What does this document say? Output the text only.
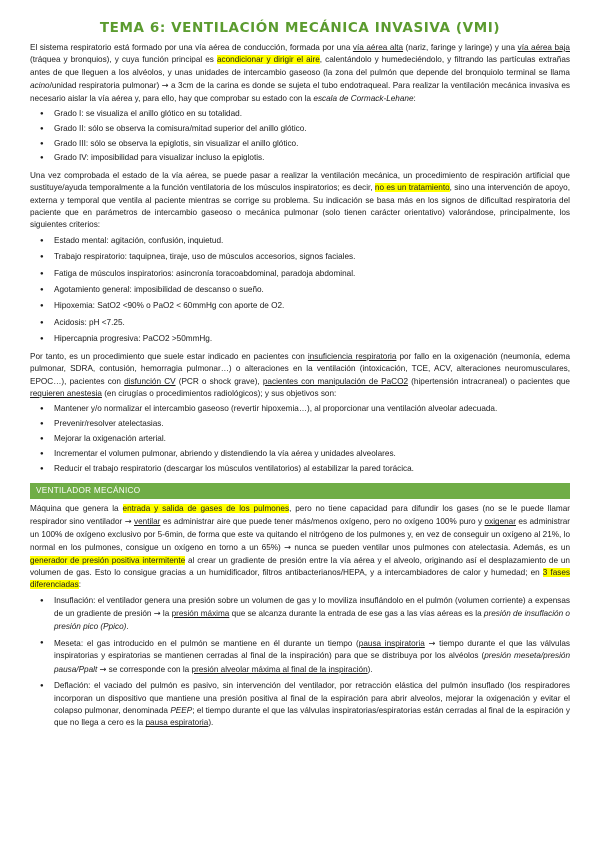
TEMA 6: VENTILACIÓN MECÁNICA INVASIVA (VMI)

El sistema respiratorio está formado por una vía aérea de conducción, formada por una vía aérea alta (nariz, faringe y laringe) y una vía aérea baja (tráquea y bronquios), y cuya función principal es acondicionar y dirigir el aire, calentándolo y humedeciéndolo, y filtrando las partículas extrañas antes de que lleguen a los alvéolos, y unas unidades de intercambio gaseoso (la zona del pulmón que depende del bronquiolo terminal se llama acino/unidad respiratoria pulmonar) → a 3cm de la carina es donde se sujeta el tubo endotraqueal. Para realizar la ventilación mecánica invasiva es necesario aislar la vía aérea y, para ello, hay que comprobar su estado con la escala de Cormack-Lehane:

● Grado I: se visualiza el anillo glótico en su totalidad.
● Grado II: sólo se observa la comisura/mitad superior del anillo glótico.
● Grado III: sólo se observa la epiglotis, sin visualizar el anillo glótico.
● Grado IV: imposibilidad para visualizar incluso la epiglotis.

Una vez comprobada el estado de la vía aérea, se puede pasar a realizar la ventilación mecánica, un procedimiento de respiración artificial que sustituye/ayuda temporalmente a la función ventilatoria de los músculos inspiratorios; es decir, no es un tratamiento, sino una intervención de apoyo, externa y temporal que ventila al paciente mientras se corrige su problema. Su indicación se basa más en los signos de dificultad respiratoria del paciente que en parámetros de intercambio gaseoso o mecánica pulmonar (solo tienen carácter orientativo) valorándose, principalmente, los siguientes criterios:

● Estado mental: agitación, confusión, inquietud.
● Trabajo respiratorio: taquipnea, tiraje, uso de músculos accesorios, signos faciales.
● Fatiga de músculos inspiratorios: asincronía toracoabdominal, paradoja abdominal.
● Agotamiento general: imposibilidad de descanso o sueño.
● Hipoxemia: SatO2 <90% o PaO2 < 60mmHg con aporte de O2.
● Acidosis: pH <7.25.
● Hipercapnia progresiva: PaCO2 >50mmHg.

Por tanto, es un procedimiento que suele estar indicado en pacientes con insuficiencia respiratoria por fallo en la oxigenación (neumonía, edema pulmonar, SDRA, contusión, hemorragia pulmonar…) o alteraciones en la ventilación (intoxicación, TCE, ACV, alteraciones neuromusculares, EPOC…), pacientes con disfunción CV (PCR o shock grave), pacientes con manipulación de PaCO2 (hipertensión intracraneal) o pacientes que requieren anestesia (en cirugías o procedimientos radiológicos); y sus objetivos son:

● Mantener y/o normalizar el intercambio gaseoso (revertir hipoxemia…), al proporcionar una ventilación alveolar adecuada.
● Prevenir/resolver atelectasias.
● Mejorar la oxigenación arterial.
● Incrementar el volumen pulmonar, abriendo y distendiendo la vía aérea y unidades alveolares.
● Reducir el trabajo respiratorio (descargar los músculos ventilatorios) al estabilizar la pared torácica.
VENTILADOR MECÁNICO

Máquina que genera la entrada y salida de gases de los pulmones, pero no tiene capacidad para difundir los gases (no se le puede llamar respirador sino ventilador → ventilar es administrar aire que puede tener más/menos oxígeno, pero no oxígeno 100% puro y oxigenar es administrar un 100% de oxígeno exclusivo por 5-6min, de forma que este va quitando el nitrógeno de los pulmones y, en vez de conseguir un oxígeno al 21%, lo normal en los pulmones, consigue un oxígeno en torno a un 65%) → nunca se pueden ventilar unos pulmones con atelectasia. Además, es un generador de presión positiva intermitente al crear un gradiente de presión entre la vía aérea y el alveolo, originando así el desplazamiento de un volumen de gas. Esto lo consigue gracias a un humidificador, filtros antibacterianos/HEPA, y a intercambiadores de calor y humedad; en 3 fases diferenciadas:

● Insuflación: el ventilador genera una presión sobre un volumen de gas y lo moviliza insuflándolo en el pulmón (volumen corriente) a expensas de un gradiente de presión → la presión máxima que se alcanza durante la entrada de ese gas a las vías aéreas es la presión de insuflación o presión pico (Ppico).
● Meseta: el gas introducido en el pulmón se mantiene en él durante un tiempo (pausa inspiratoria → tiempo durante el que las válvulas inspiratorias y espiratorias se mantienen cerradas al final de la inspiración) para que se distribuya por los alvéolos (presión meseta/presión pausa/Ppalt → se corresponde con la presión alveolar máxima al final de la inspiración).
● Deflación: el vaciado del pulmón es pasivo, sin intervención del ventilador, por retracción elástica del pulmón insuflado (los respiradores incorporan un dispositivo que mantiene una presión positiva al final de la espiración para abrir alveolos, mejorar la oxigenación y evitar el colapso pulmonar, denominada PEEP; el tiempo durante el que las válvulas inspiratorias/espiratorias están cerradas al final de la espiración y que no llega a cero es la pausa espiratoria).
